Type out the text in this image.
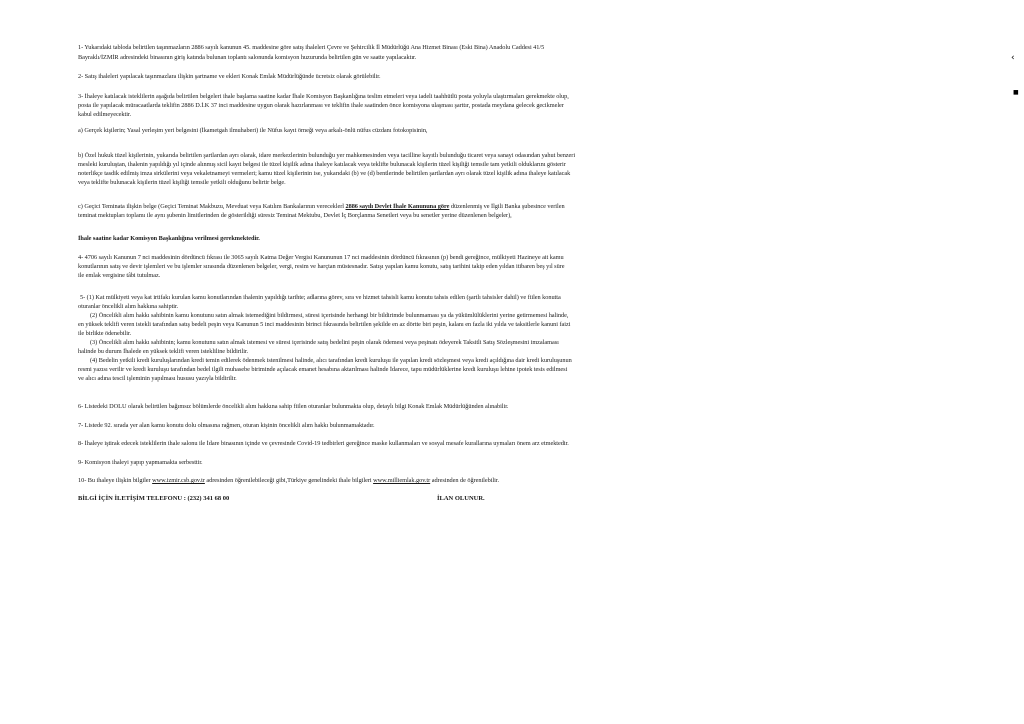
1- Yukarıdaki tabloda belirtilen taşınmazların 2886 sayılı kanunun 45. maddesine göre satış ihaleleri Çevre ve Şehircilik İl Müdürlüğü Ana Hizmet Binası (Eski Bina) Anadolu Caddesi 41/5
Bayraklı/İZMİR adresindeki binasının giriş katında bulunan toplantı salonunda komisyon huzurunda belirtilen gün ve saatte yapılacaktır.
2- Satış ihaleleri yapılacak taşınmazlara ilişkin şartname ve ekleri Konak Emlak Müdürlüğünde ücretsiz olarak görülebilir.
3- İhaleye katılacak isteklilerin aşağıda belirtilen belgeleri ihale başlama saatine kadar İhale Komisyon Başkanlığına teslim etmeleri veya iadeli taahhütlü posta yoluyla ulaştırmaları gerekmekte olup,
posta ile yapılacak müracaatlarda teklifin 2886 D.İ.K 37 inci maddesine uygun olarak hazırlanması ve teklifin ihale saatinden önce komisyona ulaşması şarttır, postada meydana gelecek gecikmeler
kabul edilmeyecektir.
a) Gerçek kişilerin; Yasal yerleşim yeri belgesini (İkametgah ilmuhaberi) ile Nüfus kayıt örneği veya arkalı-önlü nüfus cüzdanı fotokopisinin,
b) Özel hukuk tüzel kişilerinin, yukarıda belirtilen şartlardan ayrı olarak, idare merkezlerinin bulunduğu yer mahkemesinden veya tacilline kayıtlı bulunduğu ticaret veya sanayi odasından yahut benzeri
mesleki kuruluştan, ihalenin yapıldığı yıl içinde alınmış sicil kayıt belgesi ile tüzel kişilik adına ihaleye katılacak veya teklifte bulunacak kişilerin tüzel kişiliği temsile tam yetkili olduklarını gösterir
noterlikçe tasdik edilmiş imza sirkülerini veya vekaletnameyi vermeleri; kamu tüzel kişilerinin ise, yukarıdaki (b) ve (d) bentlerinde belirtilen şartlardan ayrı olarak tüzel kişilik adına ihaleye katılacak
veya teklifte bulunacak kişilerin tüzel kişiliği temsile yetkili olduğunu belirtir belge.
c) Geçici Teminata ilişkin belge (Geçici Teminat Makbuzu, Mevduat veya Katılım Bankalarının vereceklerl 2886 sayılı Devlet İhale Kanununa göre düzenlenmiş ve İlgili Banka şubesince verilen
teminat mektupları toplamı ile aynı şubenin limitlerinden de gösterildiği süresiz Teminat Mektubu, Devlet İç Borçlanma Senetleri veya bu senetler yerine düzenlenen belgeler),
İhale saatine kadar Komisyon Başkanlığına verilmesi gerekmektedir.
4- 4706 sayılı Kanunun 7 nci maddesinin dördüncü fıkrası ile 3065 sayılı Katma Değer Vergisi Kanununun 17 nci maddesinin dördüncü fıkrasının (p) bendi gereğince, mülkiyeti Hazineye ait kamu
konutlarının satış ve devir işlemleri ve bu işlemler sırasında düzenlenen belgeler, vergi, resim ve harçtan müstesnadır. Satışı yapılan kamu konutu, satış tarihini takip eden yıldan itibaren beş yıl süre
ile emlak vergisine tâbi tutulmaz.
5- (1) Kat mülkiyeti veya kat irtifakı kurulan kamu konutlarından ihalenin yapıldığı tarihte; adlarına görev, sıra ve hizmet tahsisli kamu konutu tahsis edilen (şartlı tahsisler dahil) ve fiilen konutta
oturanlar öncelikli alım hakkına sahiptir.
(2) Öncelikli alım hakkı sahibinin kamu konutunu satın almak istemediğini bildirmesi, süresi içerisinde herhangi bir bildirimde bulunmaması ya da yükümlülüklerini yerine getirmemesi halinde,
en yüksek teklifi veren istekli tarafından satış bedeli peşin veya Kanunun 5 inci maddesinin birinci fıkrasında belirtilen şekilde en az dörtte biri peşin, kalanı en fazla iki yılda ve taksitlerle kanuni faizi
ile birlikte ödenebilir.
(3) Öncelikli alım hakkı sahibinin; kamu konutunu satın almak istemesi ve süresi içerisinde satış bedelini peşin olarak ödemesi veya peşinatı ödeyerek Taksitli Satış Sözleşmesini imzalaması
halinde bu durum İhalede en yüksek teklifi veren istekliline bildirilir.
(4) Bedelin yetkili kredi kuruluşlarından kredi temin edilerek ödenmek istenilmesi halinde, alıcı tarafından kredi kuruluşu ile yapılan kredi sözleşmesi veya kredi açıldığına dair kredi kuruluşunun
resmi yazısı verilir ve kredi kuruluşu tarafından bedel ilgili muhasebe biriminde açılacak emanet hesabına aktarılması halinde İdarece, tapu müdürlüklerine kredi kuruluşu lehine ipotek tesis edilmesi
ve alıcı adına tescil işleminin yapılması hususu yazıyla bildirilir.
6- Listedeki DOLU olarak belirtilen bağımsız bölümlerde öncelikli alım hakkına sahip fiilen oturanlar bulunmakta olup, detaylı bilgi Konak Emlak Müdürlüğünden alınabilir.
7- Listede 92. sırada yer alan kamu konutu dolu olmasına rağmen, oturan kişinin öncelikli alım hakkı bulunmamaktadır.
8- İhaleye iştirak edecek isteklilerin ihale salonu ile İdare binasının içinde ve çevresinde Covid-19 tedbirleri gereğince maske kullanmaları ve sosyal mesafe kurallarına uymaları önem arz etmektedir.
9- Komisyon ihaleyi yapıp yapmamakta serbesttir.
10- Bu ihaleye ilişkin bilgiler www.izmir.csb.gov.tr adresinden öğrenilebileceği gibi,Türkiye genelindeki ihale bilgileri www.milliemlak.gov.tr adresinden de öğrenilebilir.
BİLGİ İÇİN İLETİŞİM TELEFONU : (232) 341 68 00	İLAN OLUNUR.
‹
■
